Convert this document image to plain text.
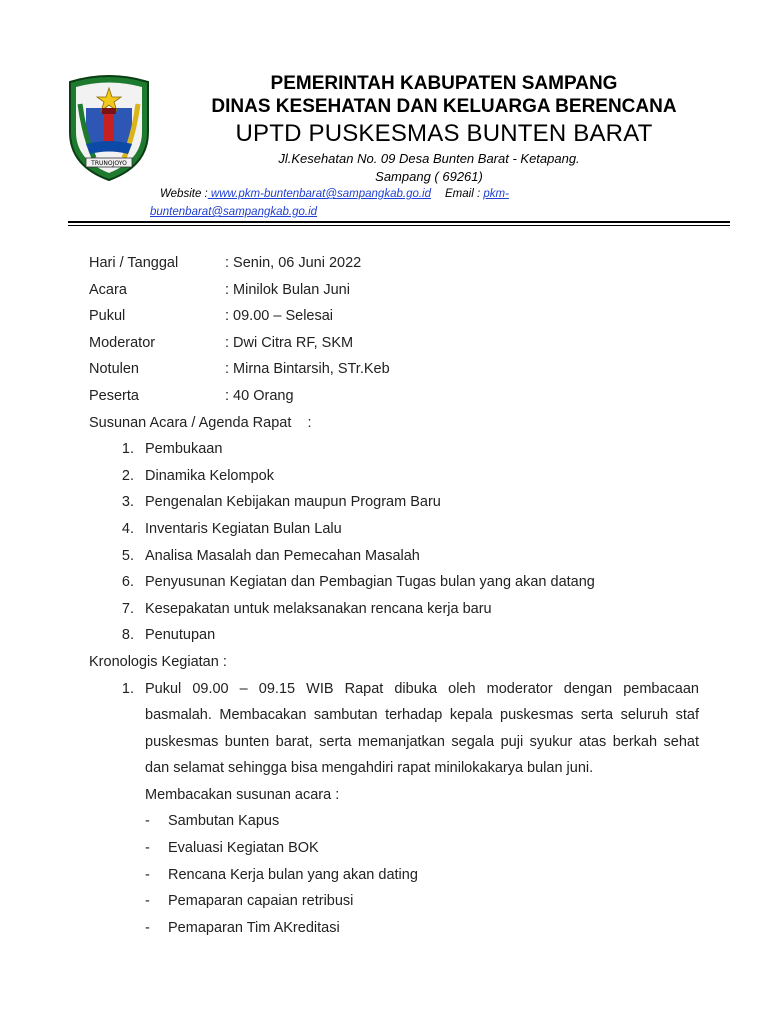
TRUNOJOYO
PEMERINTAH KABUPATEN SAMPANG
DINAS KESEHATAN DAN KELUARGA BERENCANA
UPTD PUSKESMAS BUNTEN BARAT
Jl.Kesehatan No. 09 Desa Bunten Barat - Ketapang.
Sampang ( 69261)
Website : www.pkm-buntenbarat@sampangkab.go.id Email : pkm-
buntenbarat@sampangkab.go.id
Hari / Tanggal	: Senin, 06 Juni 2022
Acara	: Minilok Bulan Juni
Pukul	: 09.00 – Selesai
Moderator	: Dwi Citra RF, SKM
Notulen	: Mirna Bintarsih, STr.Keb
Peserta	: 40 Orang
Susunan Acara / Agenda Rapat    :
1. Pembukaan
2. Dinamika Kelompok
3. Pengenalan Kebijakan maupun Program Baru
4. Inventaris Kegiatan Bulan Lalu
5. Analisa Masalah dan Pemecahan Masalah
6. Penyusunan Kegiatan dan Pembagian Tugas bulan yang akan datang
7. Kesepakatan untuk melaksanakan rencana kerja baru
8. Penutupan
Kronologis Kegiatan :
1. Pukul 09.00 – 09.15 WIB Rapat dibuka oleh moderator dengan pembacaan basmalah. Membacakan sambutan terhadap kepala puskesmas serta seluruh staf puskesmas bunten barat, serta memanjatkan segala puji syukur atas berkah sehat dan selamat sehingga bisa mengahdiri rapat minilokakarya bulan juni.
Membacakan susunan acara :
-	Sambutan Kapus
-	Evaluasi Kegiatan BOK
-	Rencana Kerja bulan yang akan dating
-	Pemaparan capaian retribusi
-	Pemaparan Tim AKreditasi
